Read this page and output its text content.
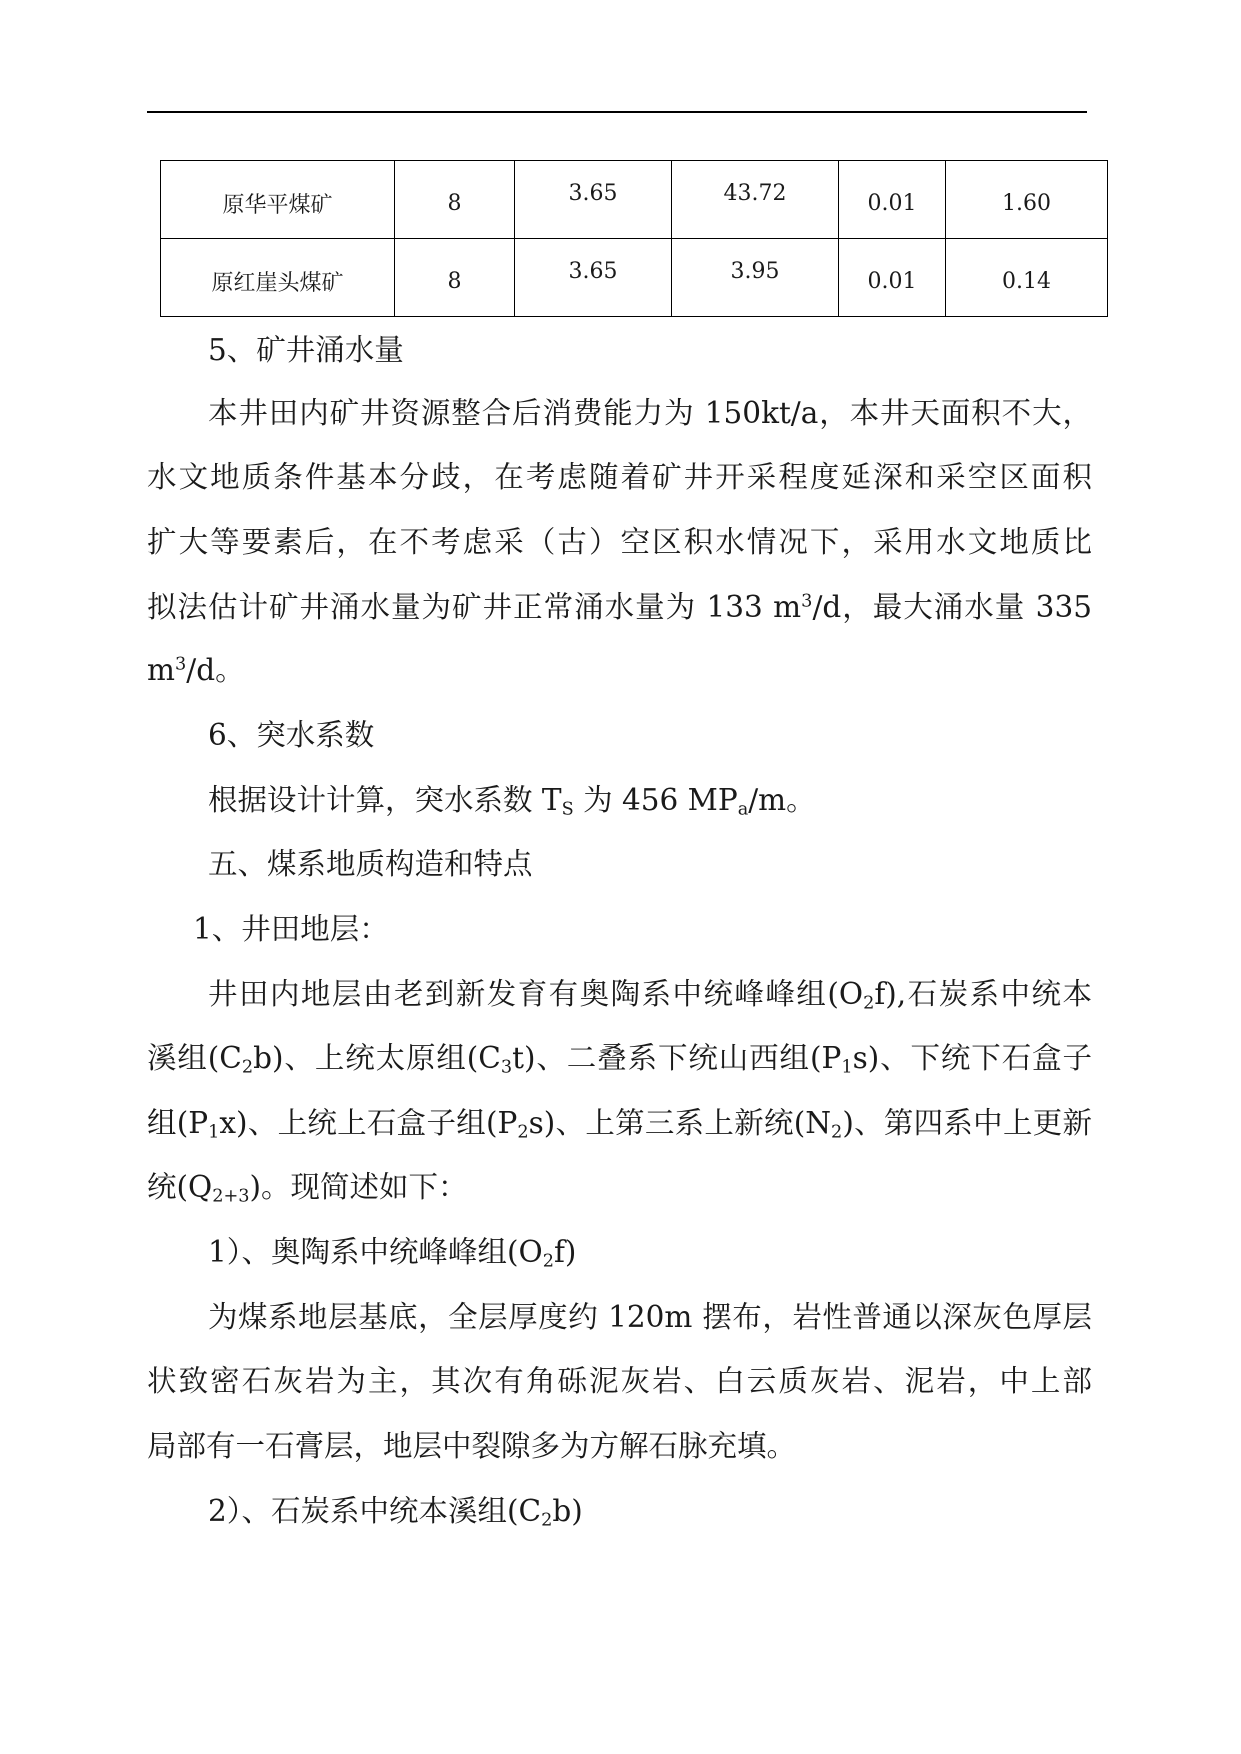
原华平煤矿	8	3.65	43.72	0.01	1.60
原红崖头煤矿	8	3.65	3.95	0.01	0.14
5、矿井涌水量
本井田内矿井资源整合后消费能力为 150kt/a，本井天面积不大，
水文地质条件基本分歧，在考虑随着矿井开采程度延深和采空区面积
扩大等要素后，在不考虑采（古）空区积水情况下，采用水文地质比
拟法估计矿井涌水量为矿井正常涌水量为 133 $m^3/d$，最大涌水量 335
$m^3/d$。
6、突水系数
根据设计计算，突水系数 $T_S$ 为 456 $MP_a/m$。
五、煤系地质构造和特点
1、井田地层：
井田内地层由老到新发育有奥陶系中统峰峰组$(O_2f)$,石炭系中统本
溪组$(C_2b)$、上统太原组$(C_3t)$、二叠系下统山西组$(P_1s)$、下统下石盒子
组$(P_1x)$、上统上石盒子组$(P_2s)$、上第三系上新统$(N_2)$、第四系中上更新
统$(Q_{2+3})$。现简述如下：
1）、奥陶系中统峰峰组$(O_2f)$
为煤系地层基底，全层厚度约 120m 摆布，岩性普通以深灰色厚层
状致密石灰岩为主，其次有角砾泥灰岩、白云质灰岩、泥岩，中上部
局部有一石膏层，地层中裂隙多为方解石脉充填。
2）、石炭系中统本溪组$(C_2b)$
